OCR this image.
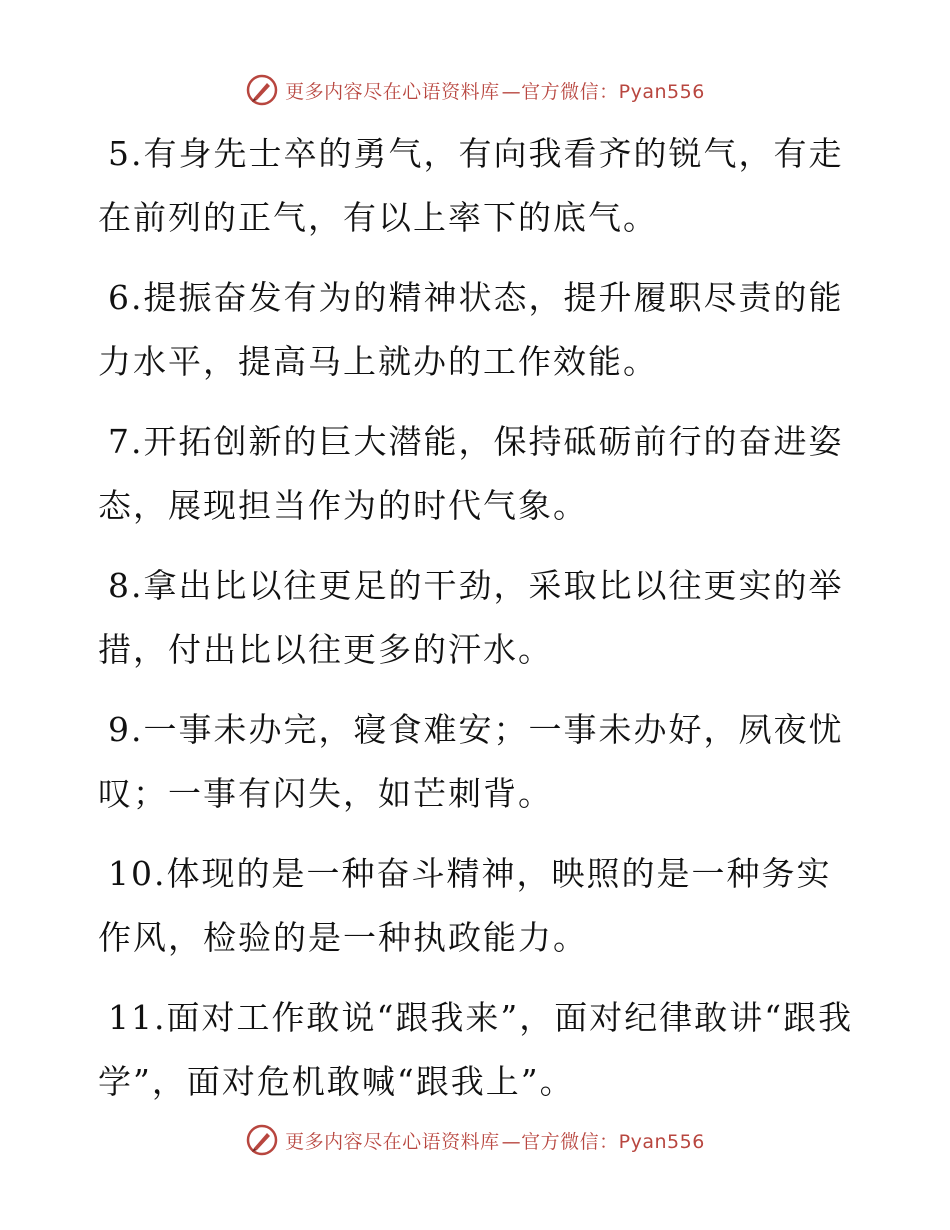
更多内容尽在心语资料库 —官方微信：Pyan556

5.有身先士卒的勇气，有向我看齐的锐气，有走在前列的正气，有以上率下的底气。

6.提振奋发有为的精神状态，提升履职尽责的能力水平，提高马上就办的工作效能。

7.开拓创新的巨大潜能，保持砥砺前行的奋进姿态，展现担当作为的时代气象。

8.拿出比以往更足的干劲，采取比以往更实的举措，付出比以往更多的汗水。

9.一事未办完，寝食难安；一事未办好，夙夜忧叹；一事有闪失，如芒刺背。

10.体现的是一种奋斗精神，映照的是一种务实作风，检验的是一种执政能力。

11.面对工作敢说“跟我来”，面对纪律敢讲“跟我学”，面对危机敢喊“跟我上”。

更多内容尽在心语资料库 —官方微信：Pyan556
